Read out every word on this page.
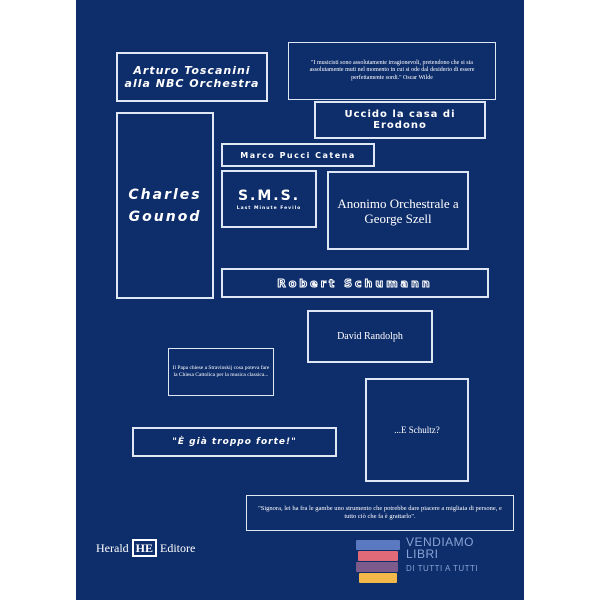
Arturo Toscanini alla NBC Orchestra
"I musicisti sono assolutamente irragionevoli, pretendono che si sia assolutamente muti nel momento in cui si ode dal desiderio di essere perfettamente sordi." Oscar Wilde
Uccido la casa di Erodono
Charles Gounod
Marco Pucci Catena
S.M.S.
Last Minute Fevilo	Anonimo Orchestrale a George Szell
Robert Schumann
David Randolph
Il Papa chiese a Stravinskij cosa poteva fare la Chiesa Cattolica per la musica classica...
...E Schultz?
"È già troppo forte!"
"Signora, lei ha fra le gambe uno strumento che potrebbe dare piacere a migliaia di persone, e tutto ciò che fa è grattarlo".
Herald HE Editore	VENDIAMO
LIBRI
DI TUTTI A TUTTI
